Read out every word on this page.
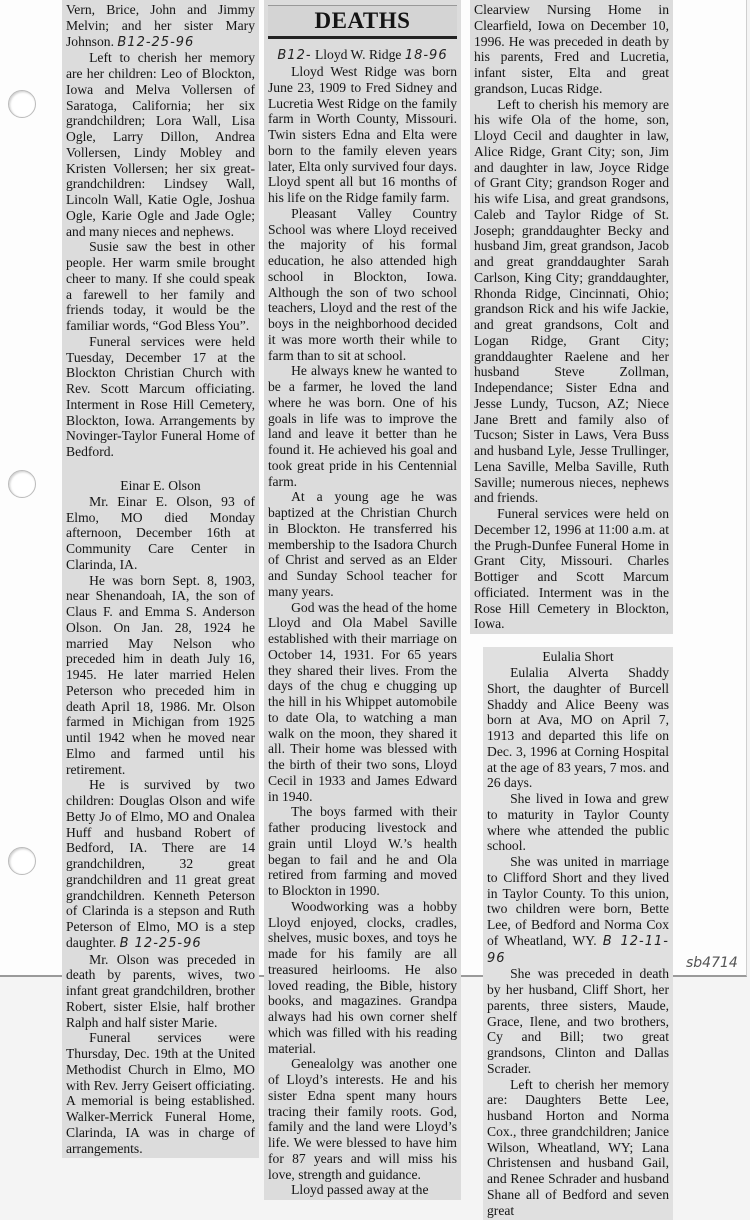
Vern, Brice, John and Jimmy Melvin; and her sister Mary Johnson. B12-25-96

Left to cherish her memory are her children: Leo of Blockton, Iowa and Melva Vollersen of Saratoga, California; her six grandchildren; Lora Wall, Lisa Ogle, Larry Dillon, Andrea Vollersen, Lindy Mobley and Kristen Vollersen; her six great-grandchildren: Lindsey Wall, Lincoln Wall, Katie Ogle, Joshua Ogle, Karie Ogle and Jade Ogle; and many nieces and nephews.

Susie saw the best in other people. Her warm smile brought cheer to many. If she could speak a farewell to her family and friends today, it would be the familiar words, “God Bless You”.

Funeral services were held Tuesday, December 17 at the Blockton Christian Church with Rev. Scott Marcum officiating. Interment in Rose Hill Cemetery, Blockton, Iowa. Arrangements by Novinger-Taylor Funeral Home of Bedford.

Einar E. Olson

Mr. Einar E. Olson, 93 of Elmo, MO died Monday afternoon, December 16th at Community Care Center in Clarinda, IA.

He was born Sept. 8, 1903, near Shenandoah, IA, the son of Claus F. and Emma S. Anderson Olson. On Jan. 28, 1924 he married May Nelson who preceded him in death July 16, 1945. He later married Helen Peterson who preceded him in death April 18, 1986. Mr. Olson farmed in Michigan from 1925 until 1942 when he moved near Elmo and farmed until his retirement.

He is survived by two children: Douglas Olson and wife Betty Jo of Elmo, MO and Onalea Huff and husband Robert of Bedford, IA. There are 14 grandchildren, 32 great grandchildren and 11 great great grandchildren. Kenneth Peterson of Clarinda is a stepson and Ruth Peterson of Elmo, MO is a step daughter. B 12-25-96

Mr. Olson was preceded in death by parents, wives, two infant great grandchildren, brother Robert, sister Elsie, half brother Ralph and half sister Marie.

Funeral services were Thursday, Dec. 19th at the United Methodist Church in Elmo, MO with Rev. Jerry Geisert officiating. A memorial is being established. Walker-Merrick Funeral Home, Clarinda, IA was in charge of arrangements.

DEATHS
B12- Lloyd W. Ridge 18-96

Lloyd West Ridge was born June 23, 1909 to Fred Sidney and Lucretia West Ridge on the family farm in Worth County, Missouri. Twin sisters Edna and Elta were born to the family eleven years later, Elta only survived four days. Lloyd spent all but 16 months of his life on the Ridge family farm.

Pleasant Valley Country School was where Lloyd received the majority of his formal education, he also attended high school in Blockton, Iowa. Although the son of two school teachers, Lloyd and the rest of the boys in the neighborhood decided it was more worth their while to farm than to sit at school.

He always knew he wanted to be a farmer, he loved the land where he was born. One of his goals in life was to improve the land and leave it better than he found it. He achieved his goal and took great pride in his Centennial farm.

At a young age he was baptized at the Christian Church in Blockton. He transferred his membership to the Isadora Church of Christ and served as an Elder and Sunday School teacher for many years.

God was the head of the home Lloyd and Ola Mabel Saville established with their marriage on October 14, 1931. For 65 years they shared their lives. From the days of the chug e chugging up the hill in his Whippet automobile to date Ola, to watching a man walk on the moon, they shared it all. Their home was blessed with the birth of their two sons, Lloyd Cecil in 1933 and James Edward in 1940.

The boys farmed with their father producing livestock and grain until Lloyd W.’s health began to fail and he and Ola retired from farming and moved to Blockton in 1990.

Woodworking was a hobby Lloyd enjoyed, clocks, cradles, shelves, music boxes, and toys he made for his family are all treasured heirlooms. He also loved reading, the Bible, history books, and magazines. Grandpa always had his own corner shelf which was filled with his reading material.

Genealolgy was another one of Lloyd’s interests. He and his sister Edna spent many hours tracing their family roots. God, family and the land were Lloyd’s life. We were blessed to have him for 87 years and will miss his love, strength and guidance.

Lloyd passed away at the

Clearview Nursing Home in Clearfield, Iowa on December 10, 1996. He was preceded in death by his parents, Fred and Lucretia, infant sister, Elta and great grandson, Lucas Ridge.

Left to cherish his memory are his wife Ola of the home, son, Lloyd Cecil and daughter in law, Alice Ridge, Grant City; son, Jim and daughter in law, Joyce Ridge of Grant City; grandson Roger and his wife Lisa, and great grandsons, Caleb and Taylor Ridge of St. Joseph; granddaughter Becky and husband Jim, great grandson, Jacob and great granddaughter Sarah Carlson, King City; granddaughter, Rhonda Ridge, Cincinnati, Ohio; grandson Rick and his wife Jackie, and great grandsons, Colt and Logan Ridge, Grant City; granddaughter Raelene and her husband Steve Zollman, Independance; Sister Edna and Jesse Lundy, Tucson, AZ; Niece Jane Brett and family also of Tucson; Sister in Laws, Vera Buss and husband Lyle, Jesse Trullinger, Lena Saville, Melba Saville, Ruth Saville; numerous nieces, nephews and friends.

Funeral services were held on December 12, 1996 at 11:00 a.m. at the Prugh-Dunfee Funeral Home in Grant City, Missouri. Charles Bottiger and Scott Marcum officiated. Interment was in the Rose Hill Cemetery in Blockton, Iowa.

Eulalia Short

Eulalia Alverta Shaddy Short, the daughter of Burcell Shaddy and Alice Beeny was born at Ava, MO on April 7, 1913 and departed this life on Dec. 3, 1996 at Corning Hospital at the age of 83 years, 7 mos. and 26 days.

She lived in Iowa and grew to maturity in Taylor County where whe attended the public school.

She was united in marriage to Clifford Short and they lived in Taylor County. To this union, two children were born, Bette Lee, of Bedford and Norma Cox of Wheatland, WY. B 12-11-96

She was preceded in death by her husband, Cliff Short, her parents, three sisters, Maude, Grace, Ilene, and two brothers, Cy and Bill; two great grandsons, Clinton and Dallas Scrader.

Left to cherish her memory are: Daughters Bette Lee, husband Horton and Norma Cox., three grandchildren; Janice Wilson, Wheatland, WY; Lana Christensen and husband Gail, and Renee Schrader and husband Shane all of Bedford and seven great

sb4714
